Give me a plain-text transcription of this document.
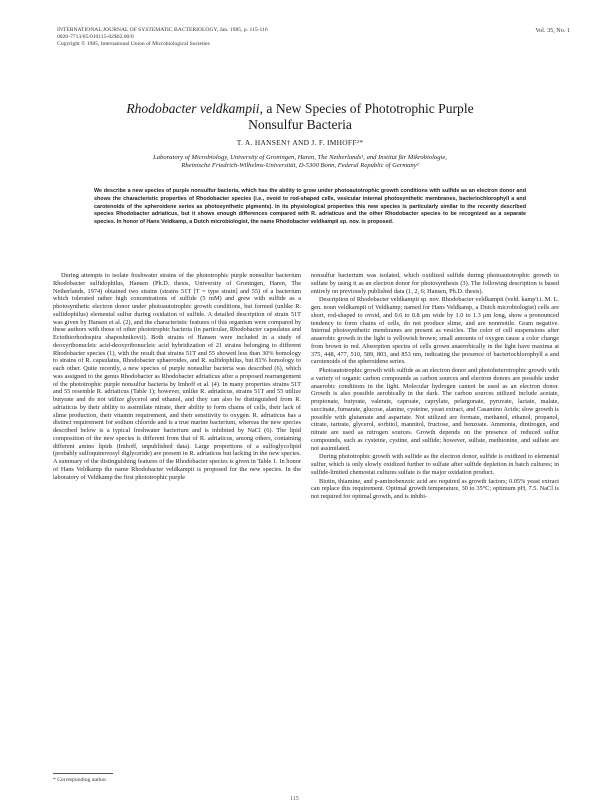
INTERNATIONAL JOURNAL OF SYSTEMATIC BACTERIOLOGY, Jan. 1985, p. 115-116
0020-7713/85/010115-02$02.00/0
Copyright © 1985, International Union of Microbiological Societies
Vol. 35, No. 1
Rhodobacter veldkampii, a New Species of Phototrophic Purple
Nonsulfur Bacteria
T. A. HANSEN† AND J. F. IMHOFF²*
Laboratory of Microbiology, University of Groningen, Haren, The Netherlands¹, and Institut für Mikrobiologie,
Rheinische Friedrich-Wilhelms-Universität, D-5300 Bonn, Federal Republic of Germany²
We describe a new species of purple nonsulfur bacteria, which has the ability to grow under photoautotrophic growth conditions with sulfide as an electron donor and shows the characteristic properties of Rhodobacter species (i.e., ovoid to rod-shaped cells, vesicular internal photosynthetic membranes, bacteriochlorophyll a and carotenoids of the spheroidene series as photosynthetic pigments). In its physiological properties this new species is particularly similar to the recently described species Rhodobacter adriaticus, but it shows enough differences compared with R. adriaticus and the other Rhodobacter species to be recognized as a separate species. In honor of Hans Veldkamp, a Dutch microbiologist, the name Rhodobacter veldkampii sp. nov. is proposed.

During attempts to isolate freshwater strains of the phototrophic purple nonsulfur bacterium Rhodobacter sulfidophilus, Hansen (Ph.D. thesis, University of Groningen, Haren, The Netherlands, 1974) obtained two strains (strains 51T [T = type strain] and 55) of a bacterium which tolerated rather high concentrations of sulfide (5 mM) and grew with sulfide as a photosynthetic electron donor under photoautotrophic growth conditions, but formed (unlike R. sulfidophilus) elemental sulfur during oxidation of sulfide. A detailed description of strain 51T was given by Hansen et al. (2), and the characteristic features of this organism were compared by these authors with those of other phototrophic bacteria (in particular, Rhodobacter capsulatus and Ectothiorhodospira shaposhnikovii). Both strains of Hansen were included in a study of deoxyribonucleic acid-deoxyribonucleic acid hybridization of 21 strains belonging to different Rhodobacter species (1), with the result that strains 51T and 55 showed less than 30% homology to strains of R. capsulatus, Rhodobacter sphaeroides, and R. sulfidophilus, but 81% homology to each other. Quite recently, a new species of purple nonsulfur bacteria was described (6), which was assigned to the genus Rhodobacter as Rhodobacter adriaticus after a proposed rearrangement of the phototrophic purple nonsulfur bacteria by Imhoff et al. (4). In many properties strains 51T and 55 resemble R. adriaticus (Table 1); however, unlike R. adriaticus, strains 51T and 55 utilize butyrate and do not utilize glycerol and ethanol, and they can also be distinguished from R. adriaticus by their ability to assimilate nitrate, their ability to form chains of cells, their lack of slime production, their vitamin requirement, and their sensitivity to oxygen. R. adriaticus has a distinct requirement for sodium chloride and is a true marine bacterium, whereas the new species described below is a typical freshwater bacterium and is inhibited by NaCl (6). The lipid composition of the new species is different from that of R. adriaticus, among others, containing different amino lipids (Imhoff, unpublished data). Large proportions of a sulfoglycolipid (probably sulfoquinovosyl diglyceride) are present in R. adriaticus but lacking in the new species. A summary of the distinguishing features of the Rhodobacter species is given in Table 1. In honor of Hans Veldkamp the name Rhodobacter veldkampii is proposed for the new species. In the laboratory of Veldkamp the first phototrophic purple

nonsulfur bacterium was isolated, which oxidized sulfide during photoautotrophic growth to sulfate by using it as an electron donor for photosynthesis (3). The following description is based entirely on previously published data (1, 2, 6; Hansen, Ph.D. thesis).

Description of Rhodobacter veldkampii sp. nov. Rhodobacter veldkampii (veld. kamp'i.i. M. L. gen. noun veldkampii of Veldkamp; named for Hans Veldkamp, a Dutch microbiologist) cells are short, rod-shaped to ovoid, and 0.6 to 0.8 μm wide by 1.0 to 1.3 μm long, show a pronounced tendency to form chains of cells, do not produce slime, and are nonmotile. Gram negative. Internal photosynthetic membranes are present as vesicles. The color of cell suspensions after anaerobic growth in the light is yellowish brown; small amounts of oxygen cause a color change from brown to red. Absorption spectra of cells grown anaerobically in the light have maxima at 375, 448, 477, 510, 589, 803, and 853 nm, indicating the presence of bacteriochlorophyll a and carotenoids of the spheroidene series.

Photoautotrophic growth with sulfide as an electron donor and photoheterotrophic growth with a variety of organic carbon compounds as carbon sources and electron donors are possible under anaerobic conditions in the light. Molecular hydrogen cannot be used as an electron donor. Growth is also possible aerobically in the dark. The carbon sources utilized include acetate, propionate, butyrate, valerate, caproate, caprylate, pelargonate, pyruvate, lactate, malate, succinate, fumarate, glucose, alanine, cysteine, yeast extract, and Casamino Acids; slow growth is possible with glutamate and aspartate. Not utilized are formate, methanol, ethanol, propanol, citrate, tartrate, glycerol, sorbitol, mannitol, fructose, and benzoate. Ammonia, dinitrogen, and nitrate are used as nitrogen sources. Growth depends on the presence of reduced sulfur compounds, such as cysteine, cystine, and sulfide; however, sulfate, methionine, and sulfate are not assimilated.

During phototrophic growth with sulfide as the electron donor, sulfide is oxidized to elemental sulfur, which is only slowly oxidized further to sulfate after sulfide depletion in batch cultures; in sulfide-limited chemostat cultures sulfate is the major oxidation product.

Biotin, thiamine, and p-aminobenzoic acid are required as growth factors; 0.05% yeast extract can replace this requirement. Optimal growth temperature, 30 to 35°C; optimum pH, 7.5. NaCl is not required for optimal growth, and is inhibi-

* Corresponding author.
115
